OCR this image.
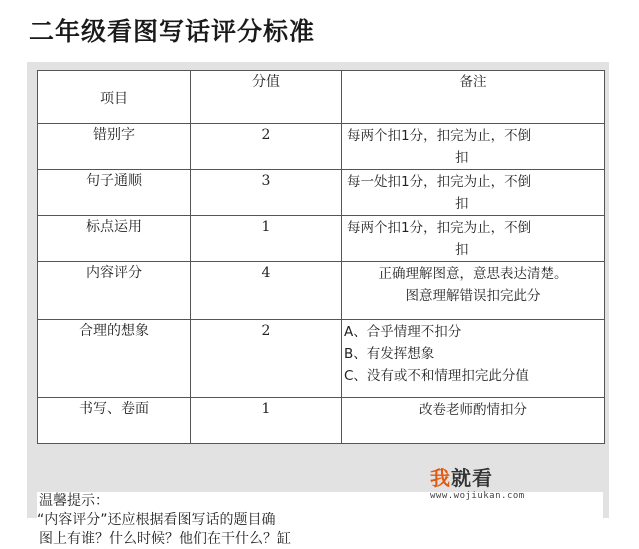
二年级看图写话评分标准
项目	分值	备注
错别字	2	每两个扣1分，扣完为止，不倒
扣

句子通顺	3	每一处扣1分，扣完为止，不倒
扣

标点运用	1	每两个扣1分，扣完为止，不倒
扣

内容评分	4	正确理解图意，意思表达清楚。
图意理解错误扣完此分

合理的想象	2	A、合乎情理不扣分
B、有发挥想象
C、没有或不和情理扣完此分值

书写、卷面	1	改卷老师酌情扣分
温馨提示：
“内容评分”还应根据看图写话的题目确
图上有谁？什么时候？他们在干什么？缸
我就看
www.wojiukan.com
